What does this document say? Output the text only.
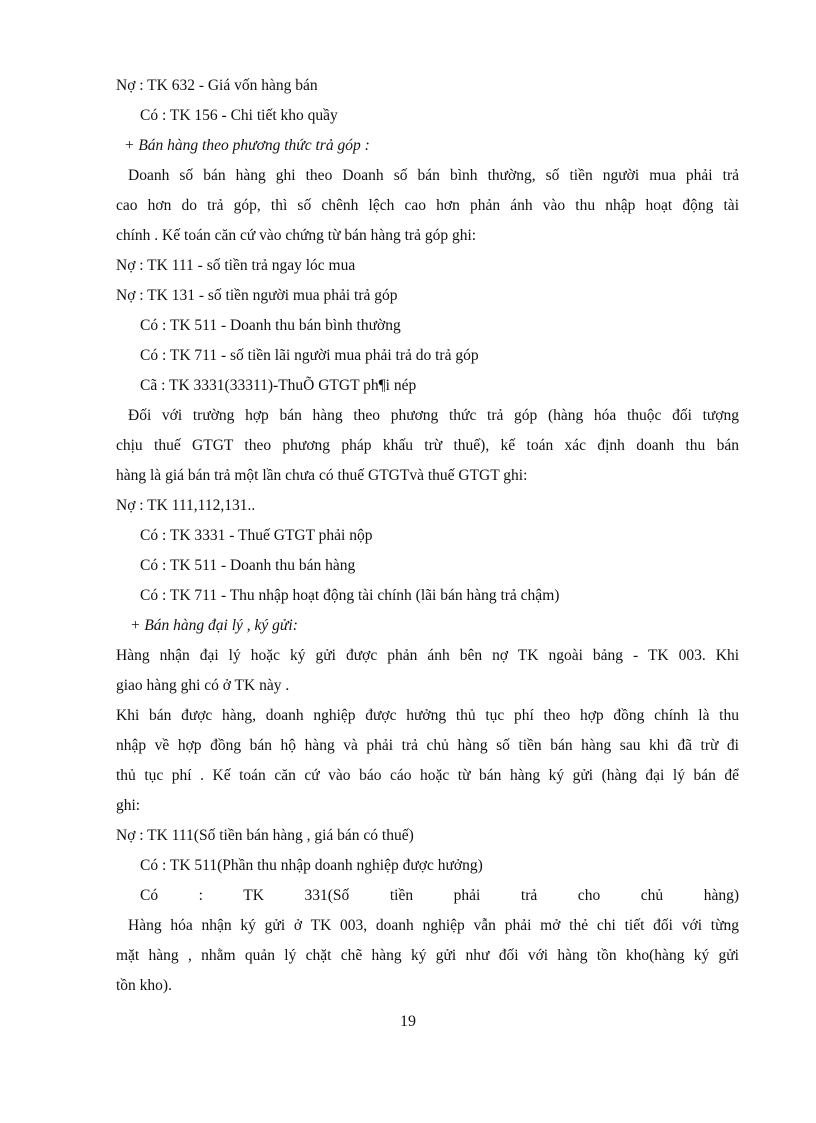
Nợ : TK 632 - Giá vốn hàng bán
Có : TK 156 - Chi tiết kho quầy
+ Bán hàng theo phương thức trả góp :
Doanh số bán hàng ghi theo Doanh số bán bình thường, số tiền người mua phải trả
cao hơn do trả góp, thì số chênh lệch cao hơn phản ánh vào thu nhập hoạt động tài
chính . Kế toán căn cứ vào chứng từ bán hàng trả góp ghi:
Nợ : TK 111 - số tiền trả ngay lóc mua
Nợ : TK 131 - số tiền người mua phải trả góp
Có : TK 511 - Doanh thu bán bình thường
Có : TK 711 - số tiền lãi người mua phải trả do trả góp
Cã : TK 3331(33311)-ThuÕ GTGT ph¶i nép
Đối với trường hợp bán hàng theo phương thức trả góp (hàng hóa thuộc đối tượng
chịu thuế GTGT theo phương pháp khấu trừ thuế), kế toán xác định doanh thu bán
hàng là giá bán trả một lần chưa có thuế GTGTvà thuế GTGT ghi:
Nợ : TK 111,112,131..
Có : TK 3331 - Thuế GTGT phải nộp
Có : TK 511 - Doanh thu bán hàng
Có : TK 711 - Thu nhập hoạt động tài chính (lãi bán hàng trả chậm)
+ Bán hàng đại lý , ký gửi:
Hàng nhận đại lý hoặc ký gửi được phản ánh bên nợ TK ngoài bảng - TK 003. Khi
giao hàng ghi có ở TK này .
Khi bán được hàng, doanh nghiệp được hưởng thủ tục phí theo hợp đồng chính là thu
nhập về hợp đồng bán hộ hàng và phải trả chủ hàng số tiền bán hàng sau khi đã trừ đi
thủ tục phí . Kế toán căn cứ vào báo cáo hoặc từ bán hàng ký gửi (hàng đại lý bán để
ghi:
Nợ : TK 111(Số tiền bán hàng , giá bán có thuế)
Có : TK 511(Phần thu nhập doanh nghiệp được hưởng)
Có : TK 331(Số tiền phải trả cho chủ hàng)
Hàng hóa nhận ký gửi ở TK 003, doanh nghiệp vẫn phải mở thẻ chi tiết đối với từng
mặt hàng , nhằm quản lý chặt chẽ hàng ký gửi như đối với hàng tồn kho(hàng ký gửi
tồn kho).
19
